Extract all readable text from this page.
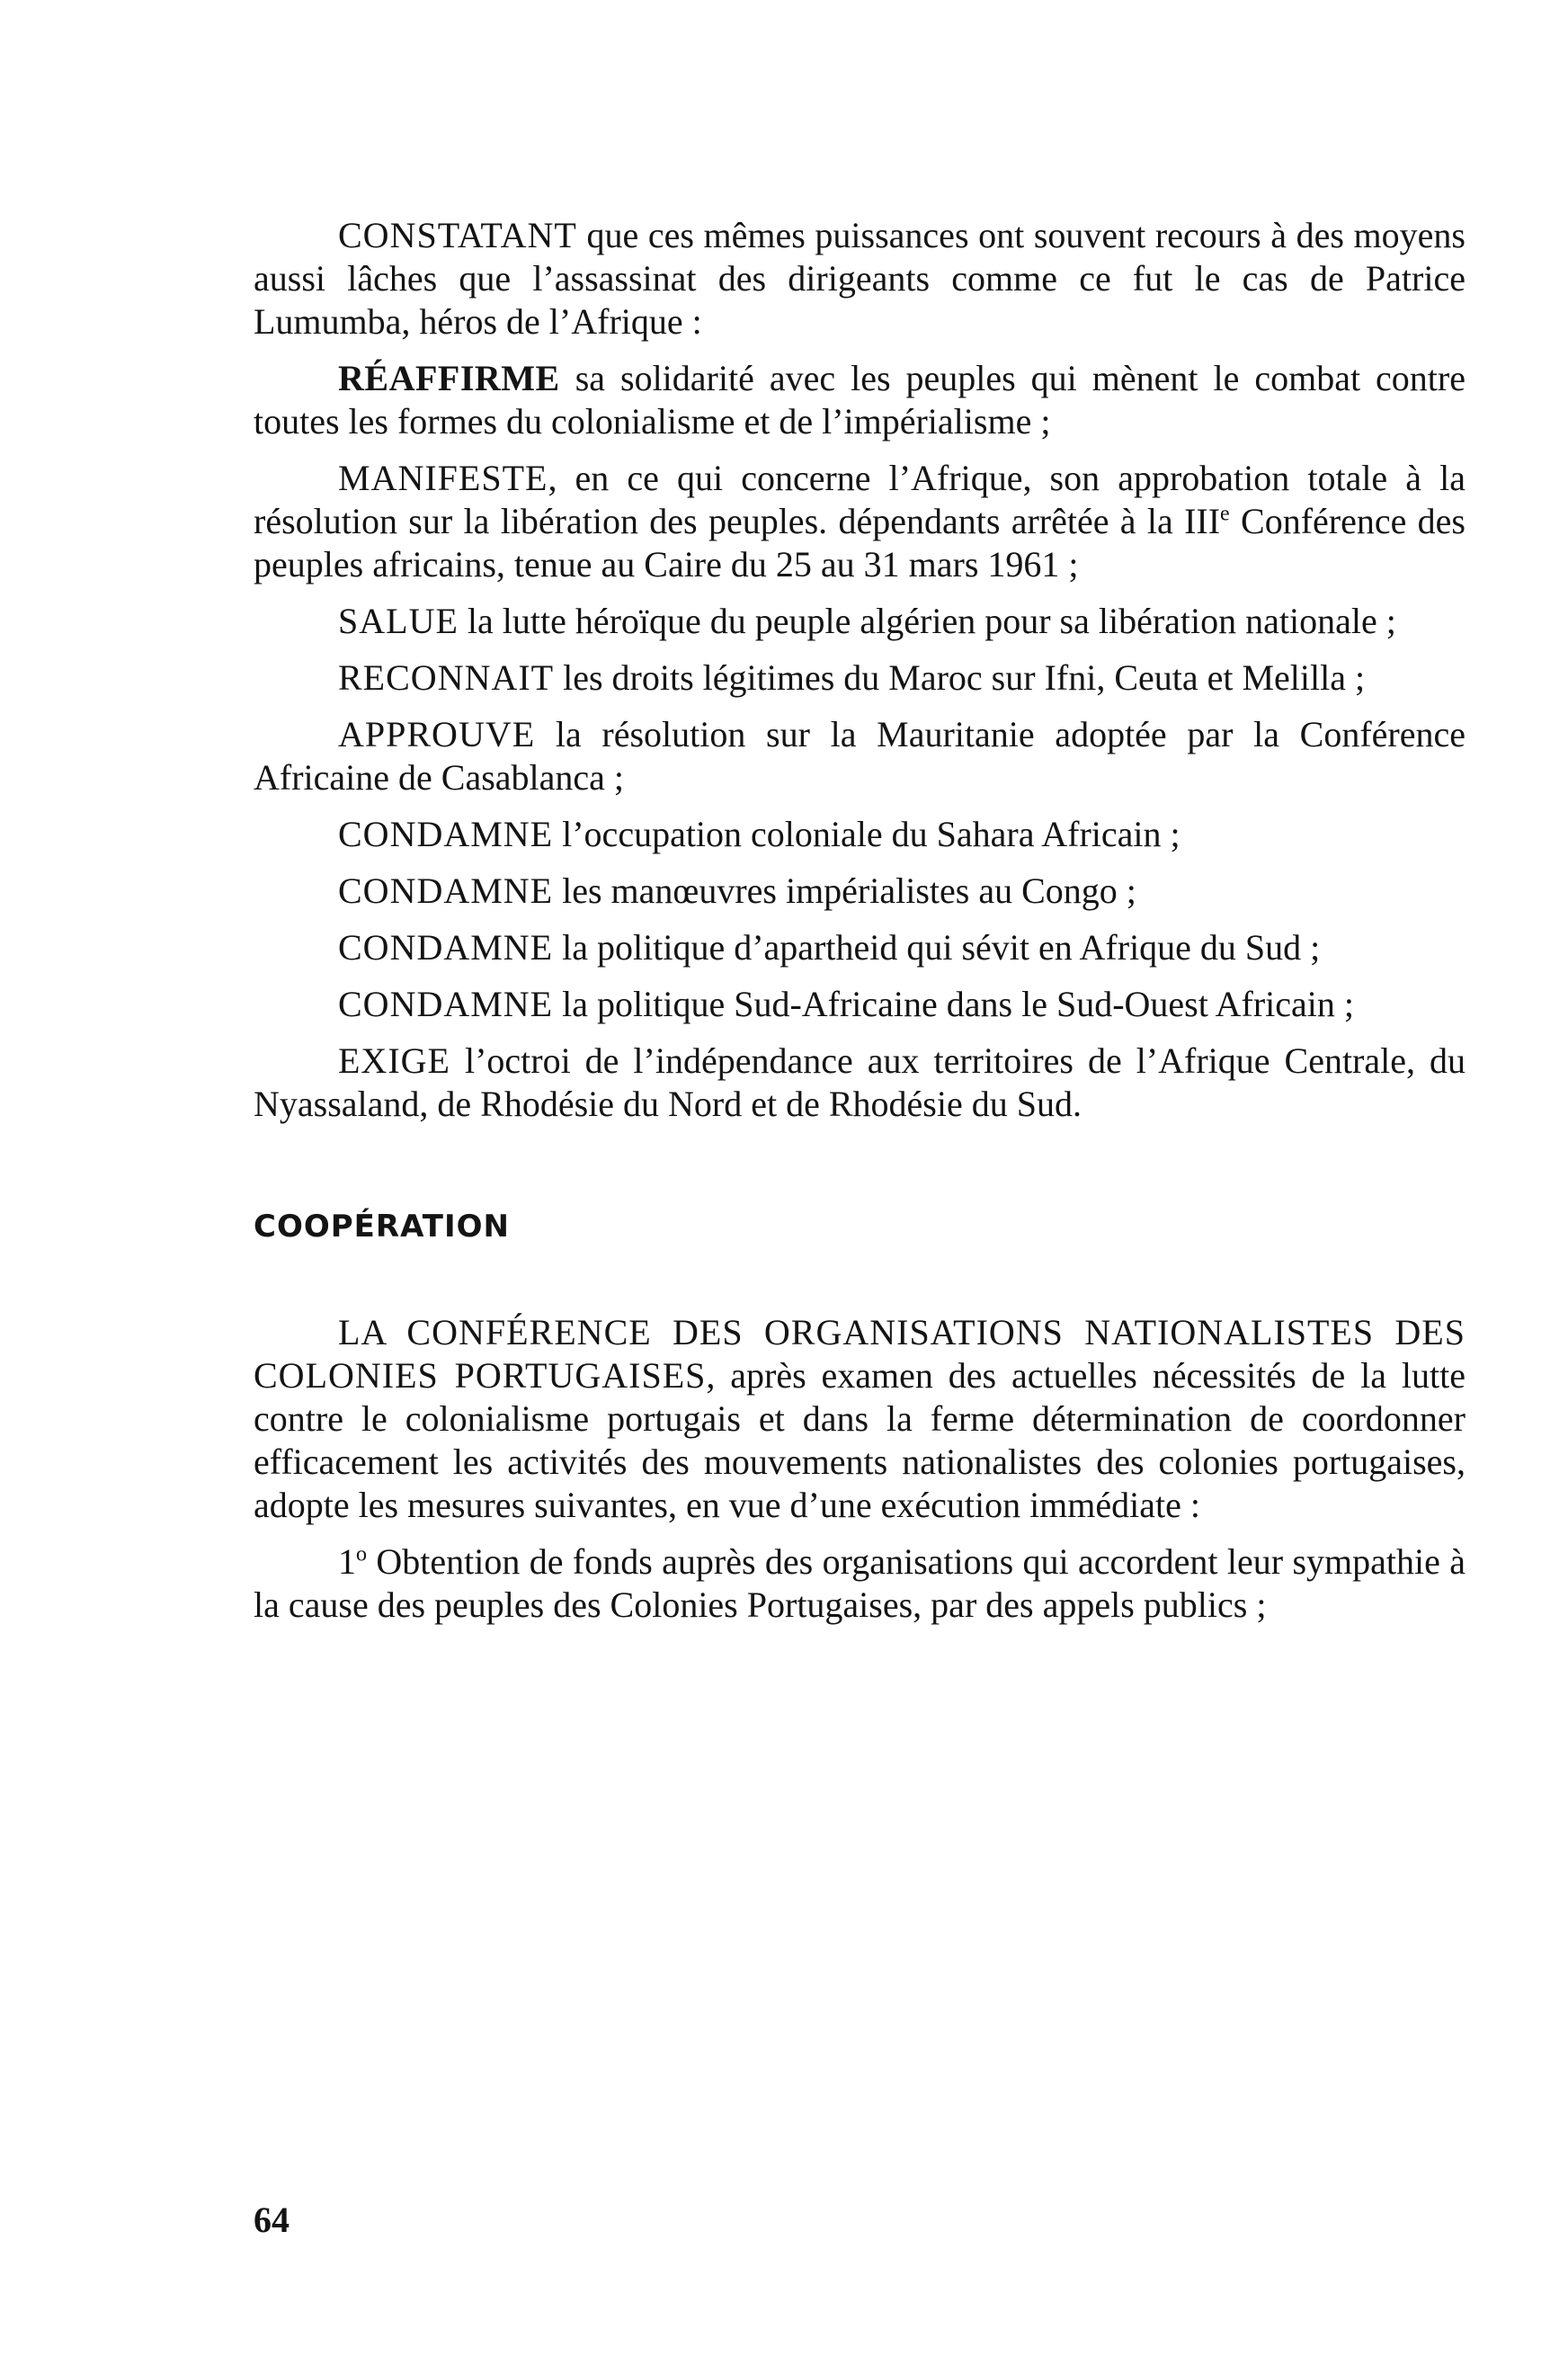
CONSTATANT que ces mêmes puissances ont souvent recours à des moyens aussi lâches que l’assassinat des dirigeants comme ce fut le cas de Patrice Lumumba, héros de l’Afrique :

RÉAFFIRME sa solidarité avec les peuples qui mènent le combat contre toutes les formes du colonialisme et de l’impérialisme ;

MANIFESTE, en ce qui concerne l’Afrique, son approbation totale à la résolution sur la libération des peuples. dépendants arrêtée à la IIIe Conférence des peuples africains, tenue au Caire du 25 au 31 mars 1961 ;

SALUE la lutte héroïque du peuple algérien pour sa libération nationale ;

RECONNAIT les droits légitimes du Maroc sur Ifni, Ceuta et Melilla ;

APPROUVE la résolution sur la Mauritanie adoptée par la Conférence Africaine de Casablanca ;

CONDAMNE l’occupation coloniale du Sahara Africain ;

CONDAMNE les manœuvres impérialistes au Congo ;

CONDAMNE la politique d’apartheid qui sévit en Afrique du Sud ;

CONDAMNE la politique Sud-Africaine dans le Sud-Ouest Africain ;

EXIGE l’octroi de l’indépendance aux territoires de l’Afrique Centrale, du Nyassaland, de Rhodésie du Nord et de Rhodésie du Sud.

COOPÉRATION

LA CONFÉRENCE DES ORGANISATIONS NATIONALISTES DES COLONIES PORTUGAISES, après examen des actuelles nécessités de la lutte contre le colonialisme portugais et dans la ferme détermination de coordonner efficacement les activités des mouvements nationalistes des colonies portugaises, adopte les mesures suivantes, en vue d’une exécution immédiate :

1$^o$ Obtention de fonds auprès des organisations qui accordent leur sympathie à la cause des peuples des Colonies Portugaises, par des appels publics ;

64
